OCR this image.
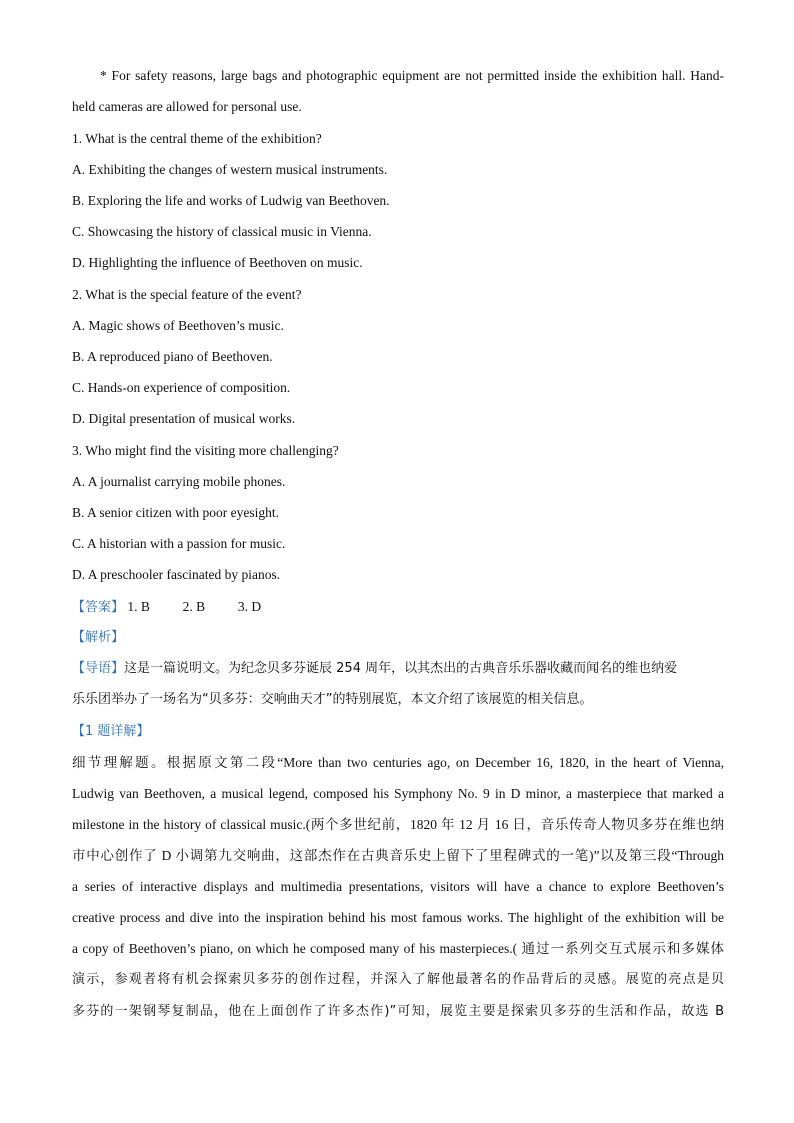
* For safety reasons, large bags and photographic equipment are not permitted inside the exhibition hall. Hand-
held cameras are allowed for personal use.
1. What is the central theme of the exhibition?
A. Exhibiting the changes of western musical instruments.
B. Exploring the life and works of Ludwig van Beethoven.
C. Showcasing the history of classical music in Vienna.
D. Highlighting the influence of Beethoven on music.
2. What is the special feature of the event?
A. Magic shows of Beethoven’s music.
B. A reproduced piano of Beethoven.
C. Hands-on experience of composition.
D. Digital presentation of musical works.
3. Who might find the visiting more challenging?
A. A journalist carrying mobile phones.
B. A senior citizen with poor eyesight.
C. A historian with a passion for music.
D. A preschooler fascinated by pianos.
【答案】 1. B 2. B 3. D
【解析】
【导语】这是一篇说明文。为纪念贝多芬诞辰 254 周年，以其杰出的古典音乐乐器收藏而闻名的维也纳爱
乐乐团举办了一场名为“贝多芬：交响曲天才”的特别展览，本文介绍了该展览的相关信息。
【1 题详解】
细节理解题。根据原文第二段“More than two centuries ago, on December 16, 1820, in the heart of Vienna,
Ludwig van Beethoven, a musical legend, composed his Symphony No. 9 in D minor, a masterpiece that marked a
milestone in the history of classical music.(两个多世纪前，1820 年 12 月 16 日，音乐传奇人物贝多芬在维也纳
市中心创作了 D 小调第九交响曲，这部杰作在古典音乐史上留下了里程碑式的一笔)”以及第三段“Through
a series of interactive displays and multimedia presentations, visitors will have a chance to explore Beethoven’s
creative process and dive into the inspiration behind his most famous works. The highlight of the exhibition will be
a copy of Beethoven’s piano, on which he composed many of his masterpieces.( 通过一系列交互式展示和多媒体
演示，参观者将有机会探索贝多芬的创作过程，并深入了解他最著名的作品背后的灵感。展览的亮点是贝
多芬的一架钢琴复制品，他在上面创作了许多杰作)”可知，展览主要是探索贝多芬的生活和作品，故选 B
